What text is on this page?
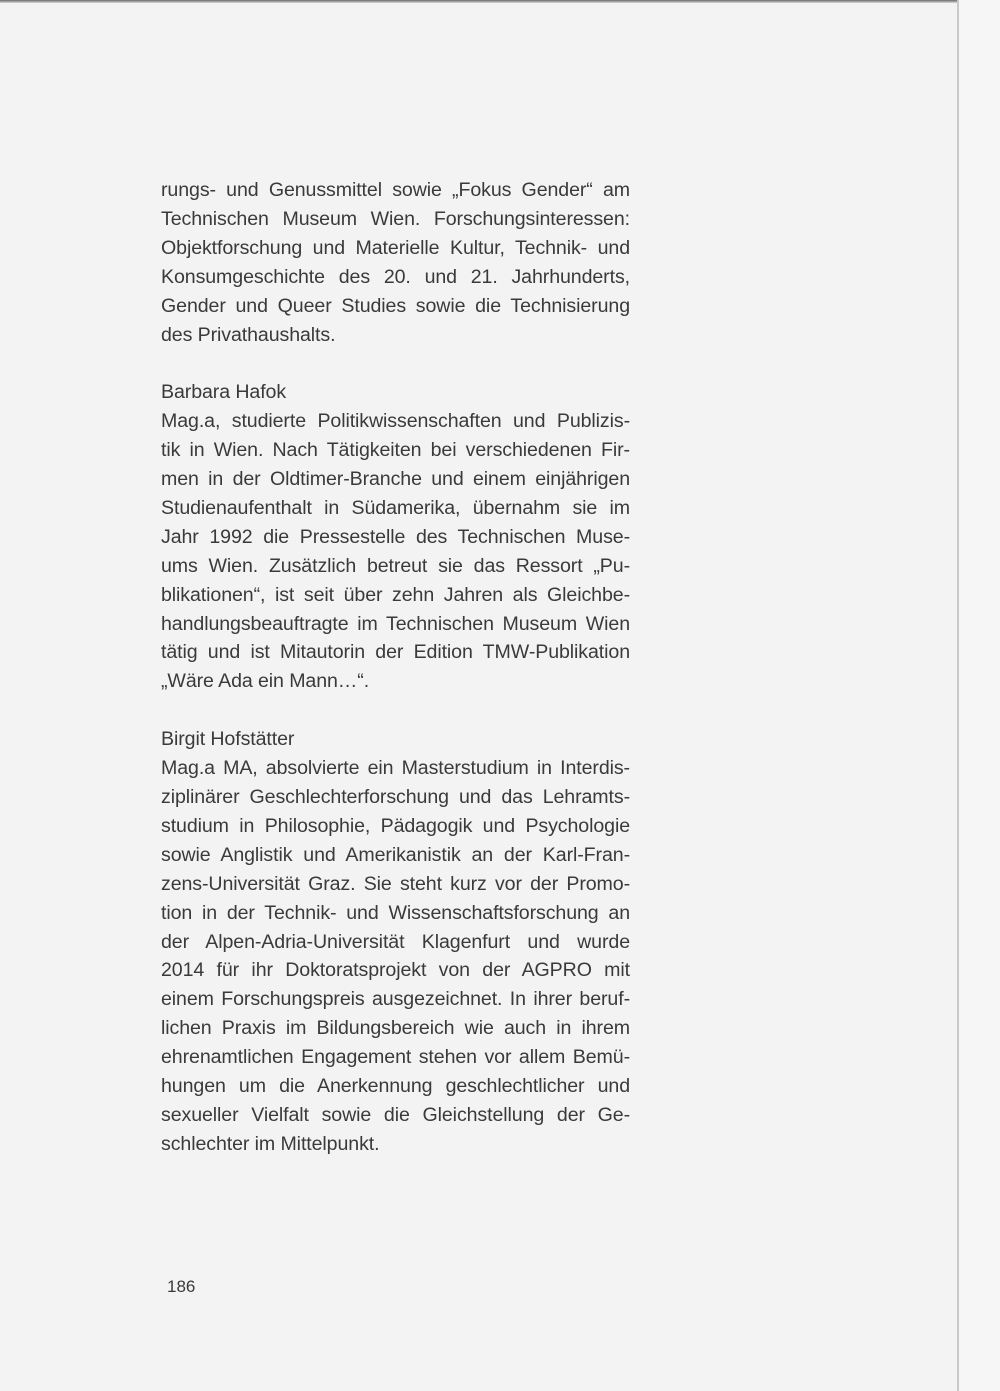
rungs- und Genussmittel sowie „Fokus Gender“ am
Technischen Museum Wien. Forschungsinteressen:
Objektforschung und Materielle Kultur, Technik- und
Konsumgeschichte des 20. und 21. Jahrhunderts,
Gender und Queer Studies sowie die Technisierung
des Privathaushalts.

Barbara Hafok
Mag.a, studierte Politikwissenschaften und Publizis-
tik in Wien. Nach Tätigkeiten bei verschiedenen Fir-
men in der Oldtimer-Branche und einem einjährigen
Studienaufenthalt in Südamerika, übernahm sie im
Jahr 1992 die Pressestelle des Technischen Muse-
ums Wien. Zusätzlich betreut sie das Ressort „Pu-
blikationen“, ist seit über zehn Jahren als Gleichbe-
handlungsbeauftragte im Technischen Museum Wien
tätig und ist Mitautorin der Edition TMW-Publikation
„Wäre Ada ein Mann…“.

Birgit Hofstätter
Mag.a MA, absolvierte ein Masterstudium in Interdis-
ziplinärer Geschlechterforschung und das Lehramts-
studium in Philosophie, Pädagogik und Psychologie
sowie Anglistik und Amerikanistik an der Karl-Fran-
zens-Universität Graz. Sie steht kurz vor der Promo-
tion in der Technik- und Wissenschaftsforschung an
der Alpen-Adria-Universität Klagenfurt und wurde
2014 für ihr Doktoratsprojekt von der AGPRO mit
einem Forschungspreis ausgezeichnet. In ihrer beruf-
lichen Praxis im Bildungsbereich wie auch in ihrem
ehrenamtlichen Engagement stehen vor allem Bemü-
hungen um die Anerkennung geschlechtlicher und
sexueller Vielfalt sowie die Gleichstellung der Ge-
schlechter im Mittelpunkt.

186
